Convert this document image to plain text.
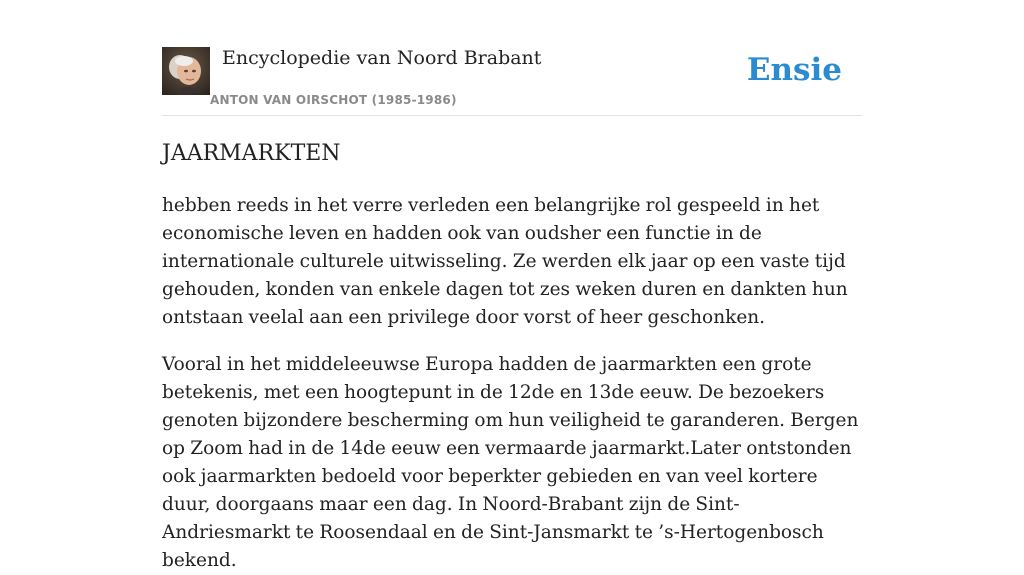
Encyclopedie van Noord Brabant
ANTON VAN OIRSCHOT (1985-1986)
Ensie
JAARMARKTEN

hebben reeds in het verre verleden een belangrijke rol gespeeld in het economische leven en hadden ook van oudsher een functie in de internationale culturele uitwisseling. Ze werden elk jaar op een vaste tijd gehouden, konden van enkele dagen tot zes weken duren en dankten hun ontstaan veelal aan een privilege door vorst of heer geschonken.

Vooral in het middeleeuwse Europa hadden de jaarmarkten een grote betekenis, met een hoogtepunt in de 12de en 13de eeuw. De bezoekers genoten bijzondere bescherming om hun veiligheid te garanderen. Bergen op Zoom had in de 14de eeuw een vermaarde jaarmarkt.Later ontstonden ook jaarmarkten bedoeld voor beperkter gebieden en van veel kortere duur, doorgaans maar een dag. In Noord-Brabant zijn de Sint-Andriesmarkt te Roosendaal en de Sint-Jansmarkt te ’s-Hertogenbosch bekend.
